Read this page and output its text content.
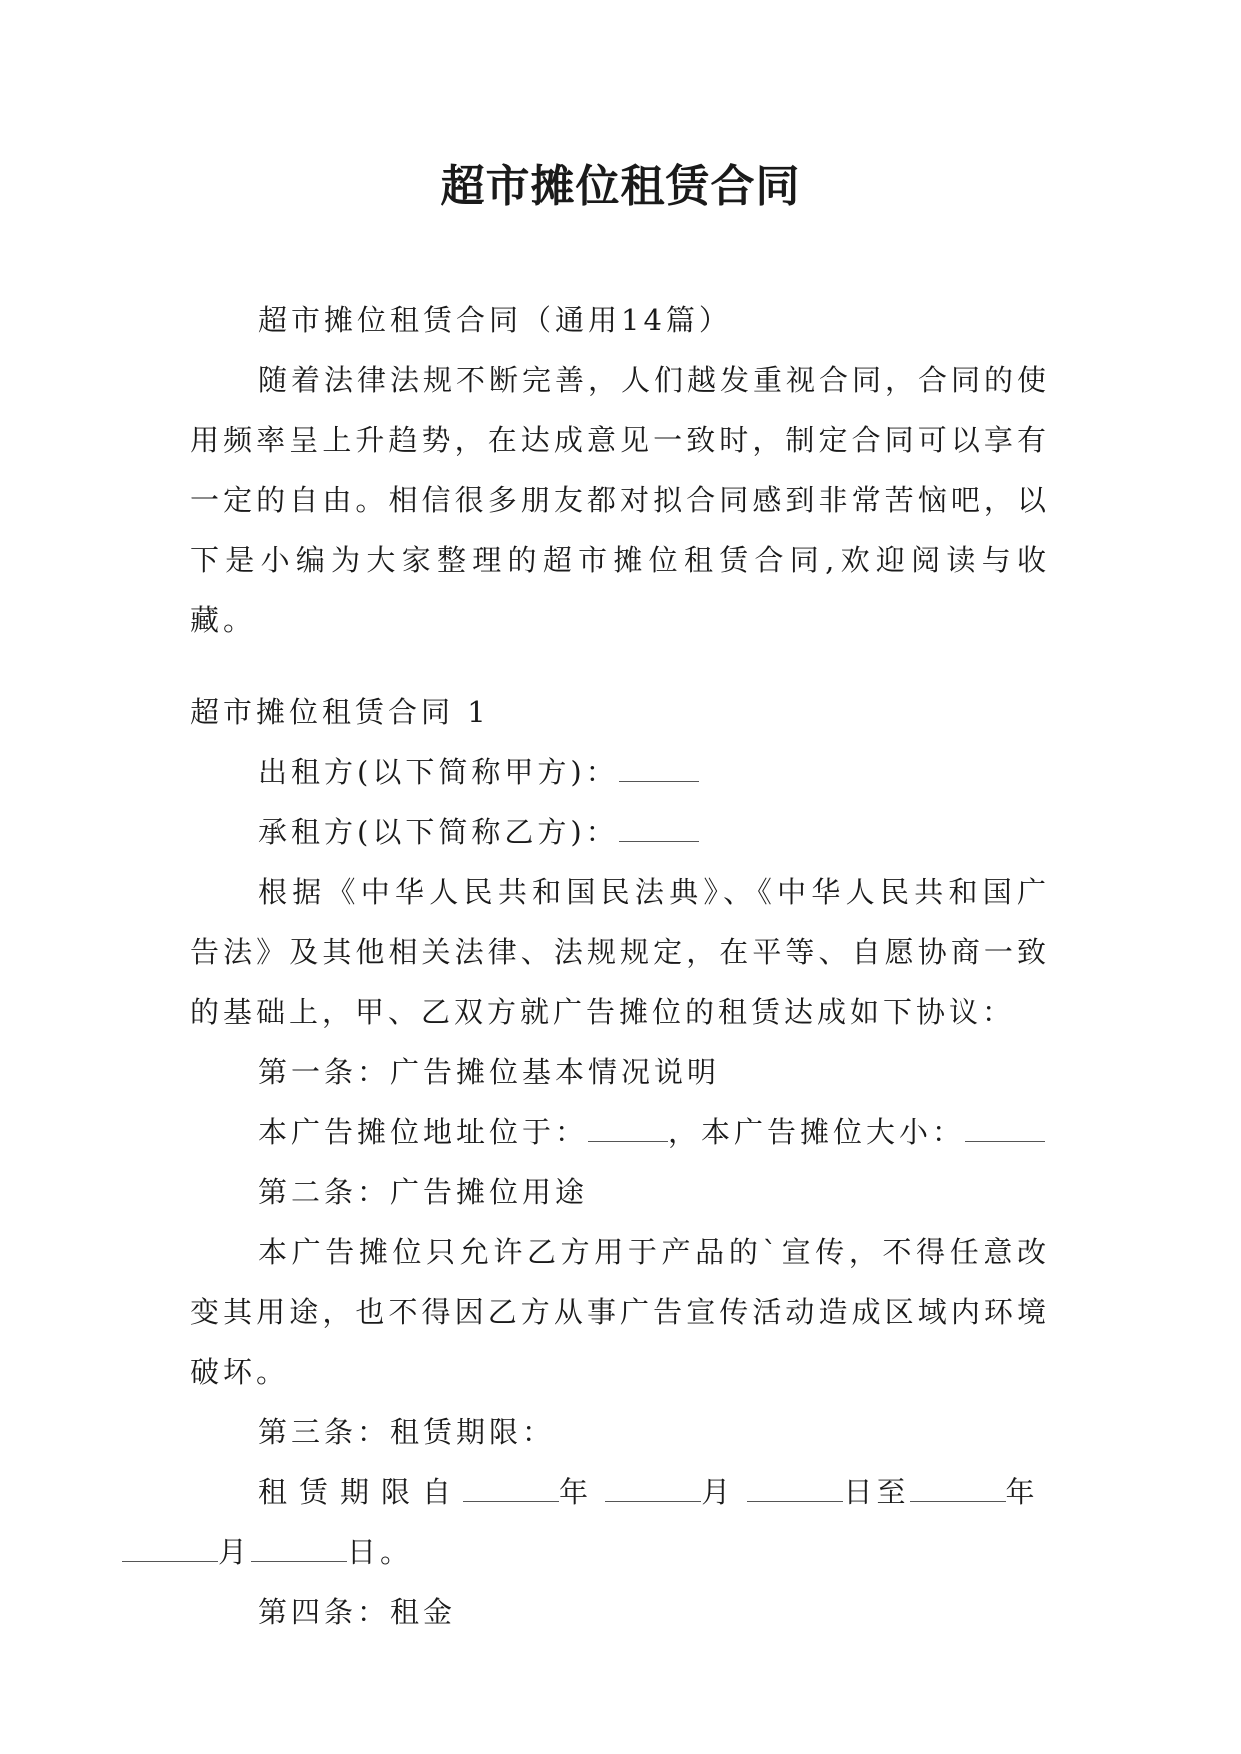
超市摊位租赁合同

超市摊位租赁合同（通用14篇）

随着法律法规不断完善，人们越发重视合同，合同的使用频率呈上升趋势，在达成意见一致时，制定合同可以享有一定的自由。相信很多朋友都对拟合同感到非常苦恼吧，以下是小编为大家整理的超市摊位租赁合同,欢迎阅读与收藏。

超市摊位租赁合同 1

出租方(以下简称甲方)：

承租方(以下简称乙方)：

根据《中华人民共和国民法典》、《中华人民共和国广告法》及其他相关法律、法规规定，在平等、自愿协商一致的基础上，甲、乙双方就广告摊位的租赁达成如下协议：

第一条：广告摊位基本情况说明

本广告摊位地址位于：	，本广告摊位大小：

第二条：广告摊位用途

本广告摊位只允许乙方用于产品的`宣传，不得任意改变其用途，也不得因乙方从事广告宣传活动造成区域内环境破坏。

第三条：租赁期限：

租赁期限自	年	月	日至	年
月	日。

第四条：租金
